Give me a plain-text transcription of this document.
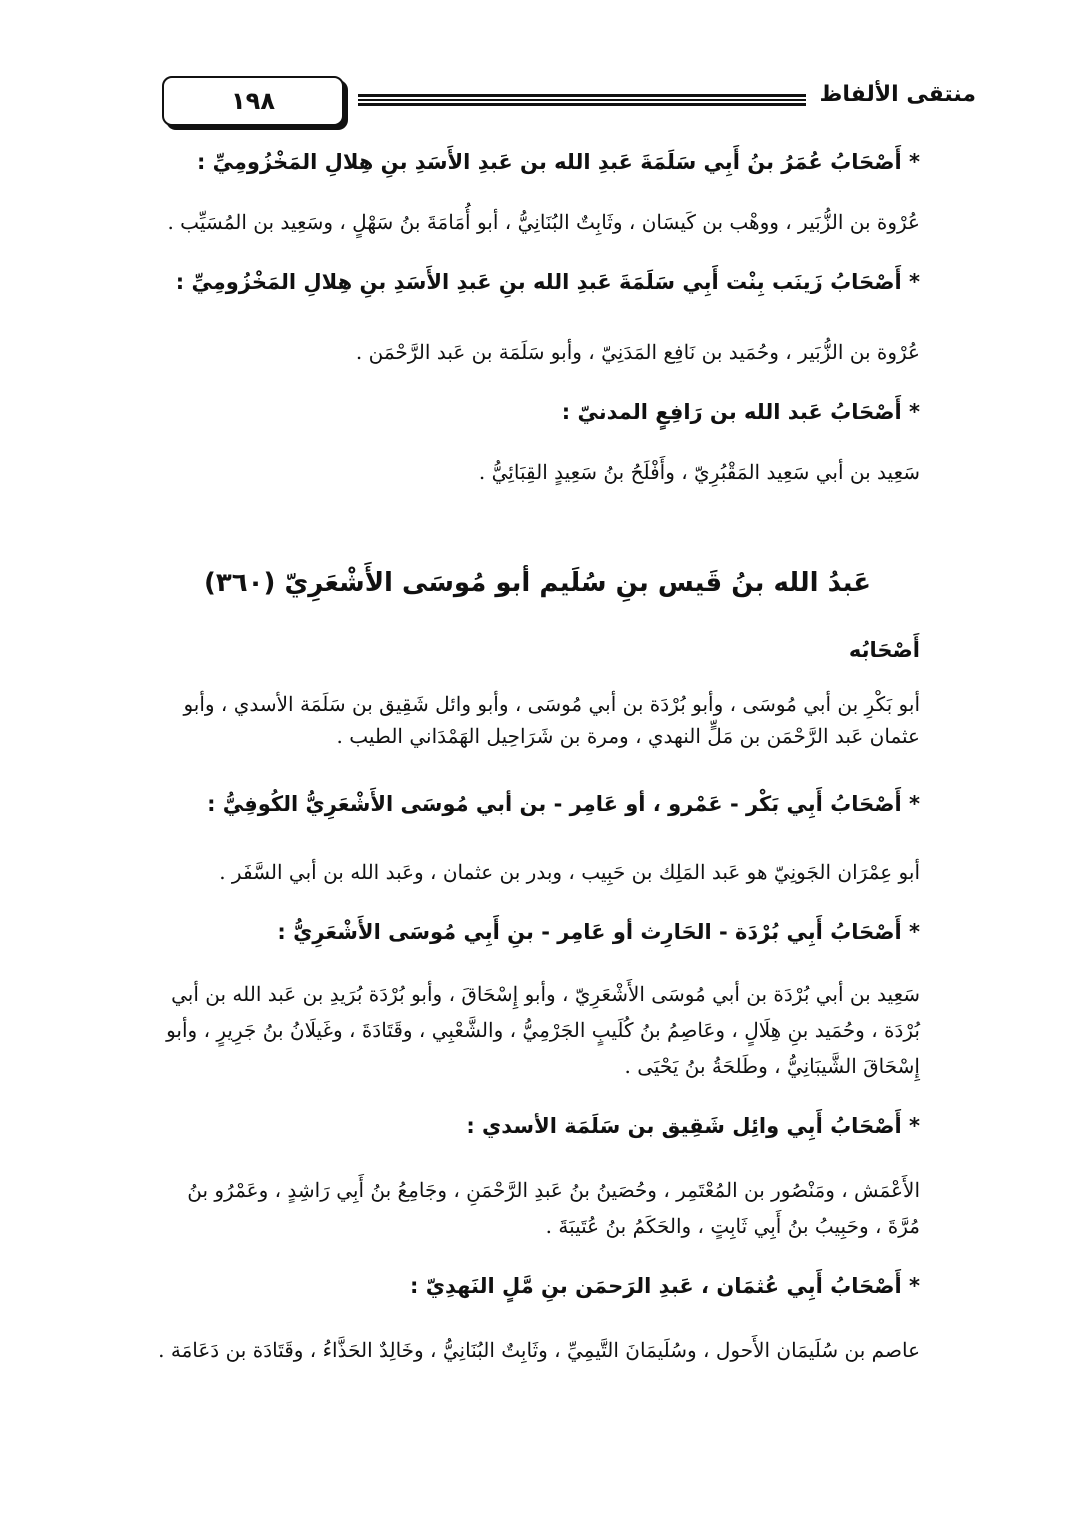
١٩٨	منتقى الألفاظ
* أَصْحَابُ عُمَرُ بنُ أَبِي سَلَمَةَ عَبدِ الله بن عَبدِ الأَسَدِ بنِ هِلالِ المَخْزُومِيِّ :
عُرْوة بن الزُّبَير ، ووهْب بن كَيسَان ، وثَابِتٌ البُنَانِيُّ ، أبو أُمَامَةَ بنُ سَهْلٍ ، وسَعِيد بن المُسَيِّب .
* أَصْحَابُ زَينَب بِنْت أَبِي سَلَمَةَ عَبدِ الله بنِ عَبدِ الأَسَدِ بنِ هِلالِ المَخْزُومِيِّ :
عُرْوة بن الزُّبَير ، وحُمَيد بن نَافِع المَدَنِيّ ، وأبو سَلَمَة بن عَبد الرَّحْمَن .
* أَصْحَابُ عَبد الله بن رَافِعٍ المدنيّ :
سَعِيد بن أبي سَعِيد المَقْبُرِيّ ، وأَفْلَحُ بنُ سَعِيدٍ القِبَائِيُّ .
عَبدُ الله بنُ قَيس بنِ سُلَيم أبو مُوسَى الأَشْعَرِيّ (٣٦٠)
أَصْحَابُه
أبو بَكْرِ بن أبي مُوسَى ، وأبو بُرْدَة بن أبي مُوسَى ، وأبو وائل شَقِيق بن سَلَمَة الأسدي ، وأبو
عثمان عَبد الرَّحْمَن بن مَلٍّ النهدي ، ومرة بن شَرَاحِيل الهَمْدَاني الطيب .
* أَصْحَابُ أَبِي بَكْر - عَمْرو ، أو عَامِر - بن أبي مُوسَى الأَشْعَرِيُّ الكُوفِيُّ :
أبو عِمْرَان الجَونِيّ هو عَبد المَلِك بن حَبِيب ، وبدر بن عثمان ، وعَبد الله بن أبي السَّفَر .
* أَصْحَابُ أَبِي بُرْدَة - الحَارِث أو عَامِر - بنِ أَبِي مُوسَى الأَشْعَرِيُّ :
سَعِيد بن أبي بُرْدَة بن أبي مُوسَى الأَشْعَرِيّ ، وأبو إِسْحَاقَ ، وأبو بُرْدَة بُرَيدِ بن عَبد الله بن أبي
بُرْدَة ، وحُمَيد بنِ هِلَالٍ ، وعَاصِمُ بنُ كُلَيبٍ الجَرْمِيُّ ، والشَّعْبِي ، وقَتَادَةَ ، وغَيلَانُ بنُ جَرِيرٍ ، وأبو
إِسْحَاقَ الشَّيبَانِيُّ ، وطَلحَةُ بنُ يَحْيَى .
* أَصْحَابُ أَبِي وائِل شَقِيق بن سَلَمَة الأسدي :
الأَعْمَش ، ومَنْصُور بن المُعْتَمِر ، وحُصَينُ بنُ عَبدِ الرَّحْمَنِ ، وجَامِعُ بنُ أَبِي رَاشِدٍ ، وعَمْرُو بنُ
مُرَّةَ ، وحَبِيبُ بنُ أَبِي ثَابِتٍ ، والحَكَمُ بنُ عُتَيبَةَ .
* أَصْحَابُ أَبِي عُثمَان ، عَبدِ الرَحمَن بنِ مَّلٍ النَهدِيّ :
عاصم بن سُلَيمَان الأَحول ، وسُلَيمَانَ التَّيمِيِّ ، وثَابِتٌ البُنَانِيُّ ، وخَالِدٌ الحَذَّاءُ ، وقَتَادَة بن دَعَامَة .
